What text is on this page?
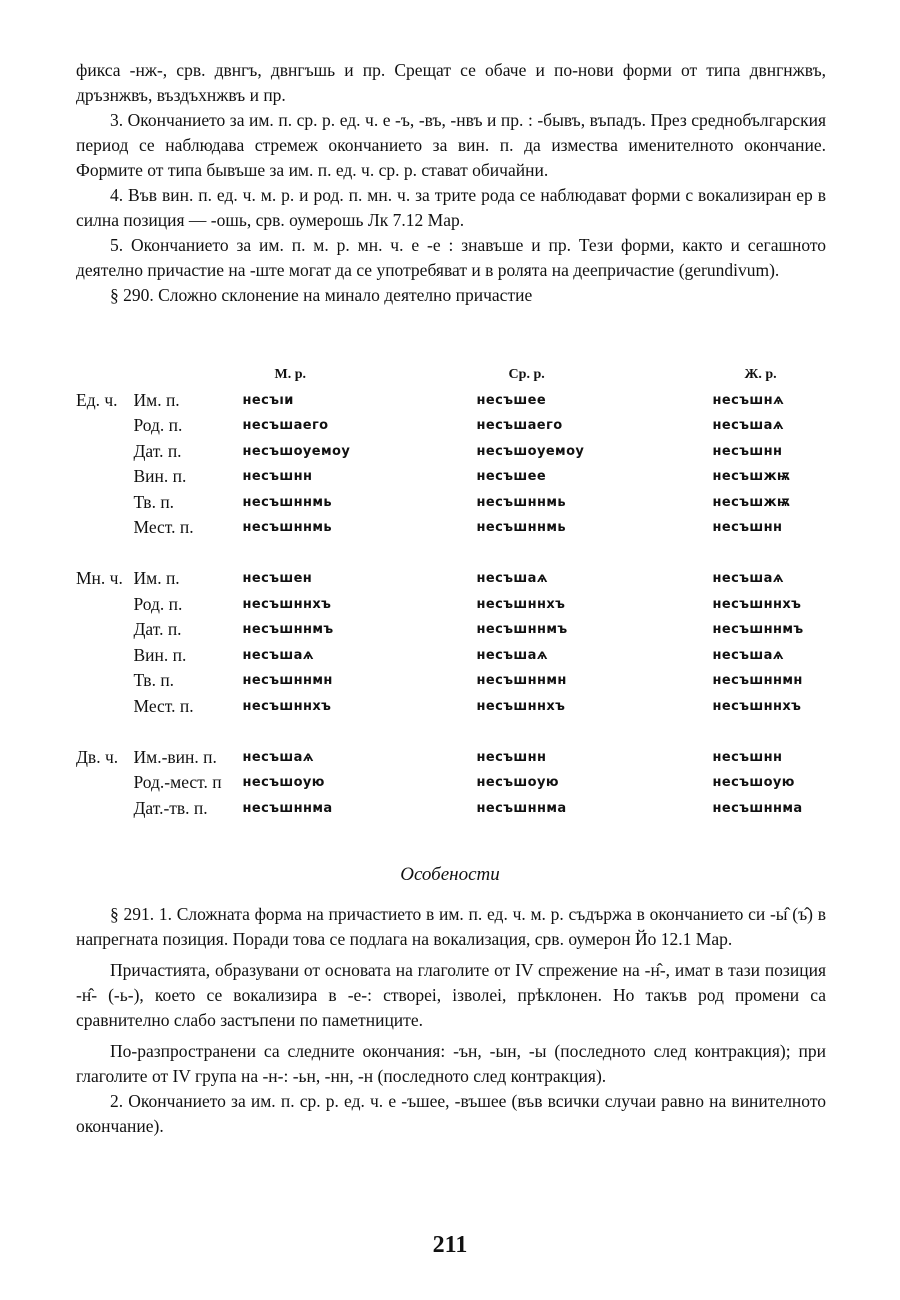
фикса -нж-, срв. двнгъ, двнгъшь и пр. Срещат се обаче и по-нови форми от типа двнгнжвъ, дръзнжвъ, въздъхнжвъ и пр.

3. Окончанието за им. п. ср. р. ед. ч. е -ъ, -въ, -нвъ и пр. : -бывъ, въпадъ. През среднобългарския период се наблюдава стремеж окончанието за вин. п. да измества именителното окончание. Формите от типа бывъше за им. п. ед. ч. ср. р. стават обичайни.

4. Във вин. п. ед. ч. м. р. и род. п. мн. ч. за трите рода се наблюдават форми с вокализиран ер в силна позиция — -ошь, срв. оумерошь Лк 7.12 Мар.

5. Окончанието за им. п. м. р. мн. ч. е -е : знавъше и пр. Тези форми, както и сегашното деятелно причастие на -ште могат да се употребяват и в ролята на деепричастие (gerundivum).

§ 290. Сложно склонение на минало деятелно причастие

		М. р.	Ср. р.	Ж. р.
Ед. ч.	Им. п.	несъıи	несъшее	несъшнѧ
	Род. п.	несъшаего	несъшаего	несъшаѧ
	Дат. п.	несъшоуемоу	несъшоуемоу	несъшнн
	Вин. п.	несъшнн	несъшее	несъшжѭ
	Тв. п.	несъшннмь	несъшннмь	несъшжѭ
	Мест. п.	несъшннмь	несъшннмь	несъшнн

Мн. ч.	Им. п.	несъшен	несъшаѧ	несъшаѧ
	Род. п.	несъшннхъ	несъшннхъ	несъшннхъ
	Дат. п.	несъшннмъ	несъшннмъ	несъшннмъ
	Вин. п.	несъшаѧ	несъшаѧ	несъшаѧ
	Тв. п.	несъшннмн	несъшннмн	несъшннмн
	Мест. п.	несъшннхъ	несъшннхъ	несъшннхъ

Дв. ч.	Им.-вин. п.	несъшаѧ	несъшнн	несъшнн
	Род.-мест. п	несъшоую	несъшоую	несъшоую
	Дат.-тв. п.	несъшннма	несъшннма	несъшннма
Особености

§ 291. 1. Сложната форма на причастието в им. п. ед. ч. м. р. съдържа в окончанието си -ы̂ (ъ̂) в напрегната позиция. Поради това се подлага на вокализация, срв. оумерон Йо 12.1 Мар.

Причастията, образувани от основата на глаголите от IV спрежение на -н̂-, имат в тази позиция -н̂- (-ь-), което се вокализира в -е-: створеі, ізволеі, прѣклонен. Но такъв род промени са сравнително слабо застъпени по паметниците.

По-разпространени са следните окончания: -ън, -ын, -ы (последното след контракция); при глаголите от IV група на -н-: -ьн, -нн, -н (последното след контракция).

2. Окончанието за им. п. ср. р. ед. ч. е -ъшее, -въшее (във всички случаи равно на винителното окончание).

211
